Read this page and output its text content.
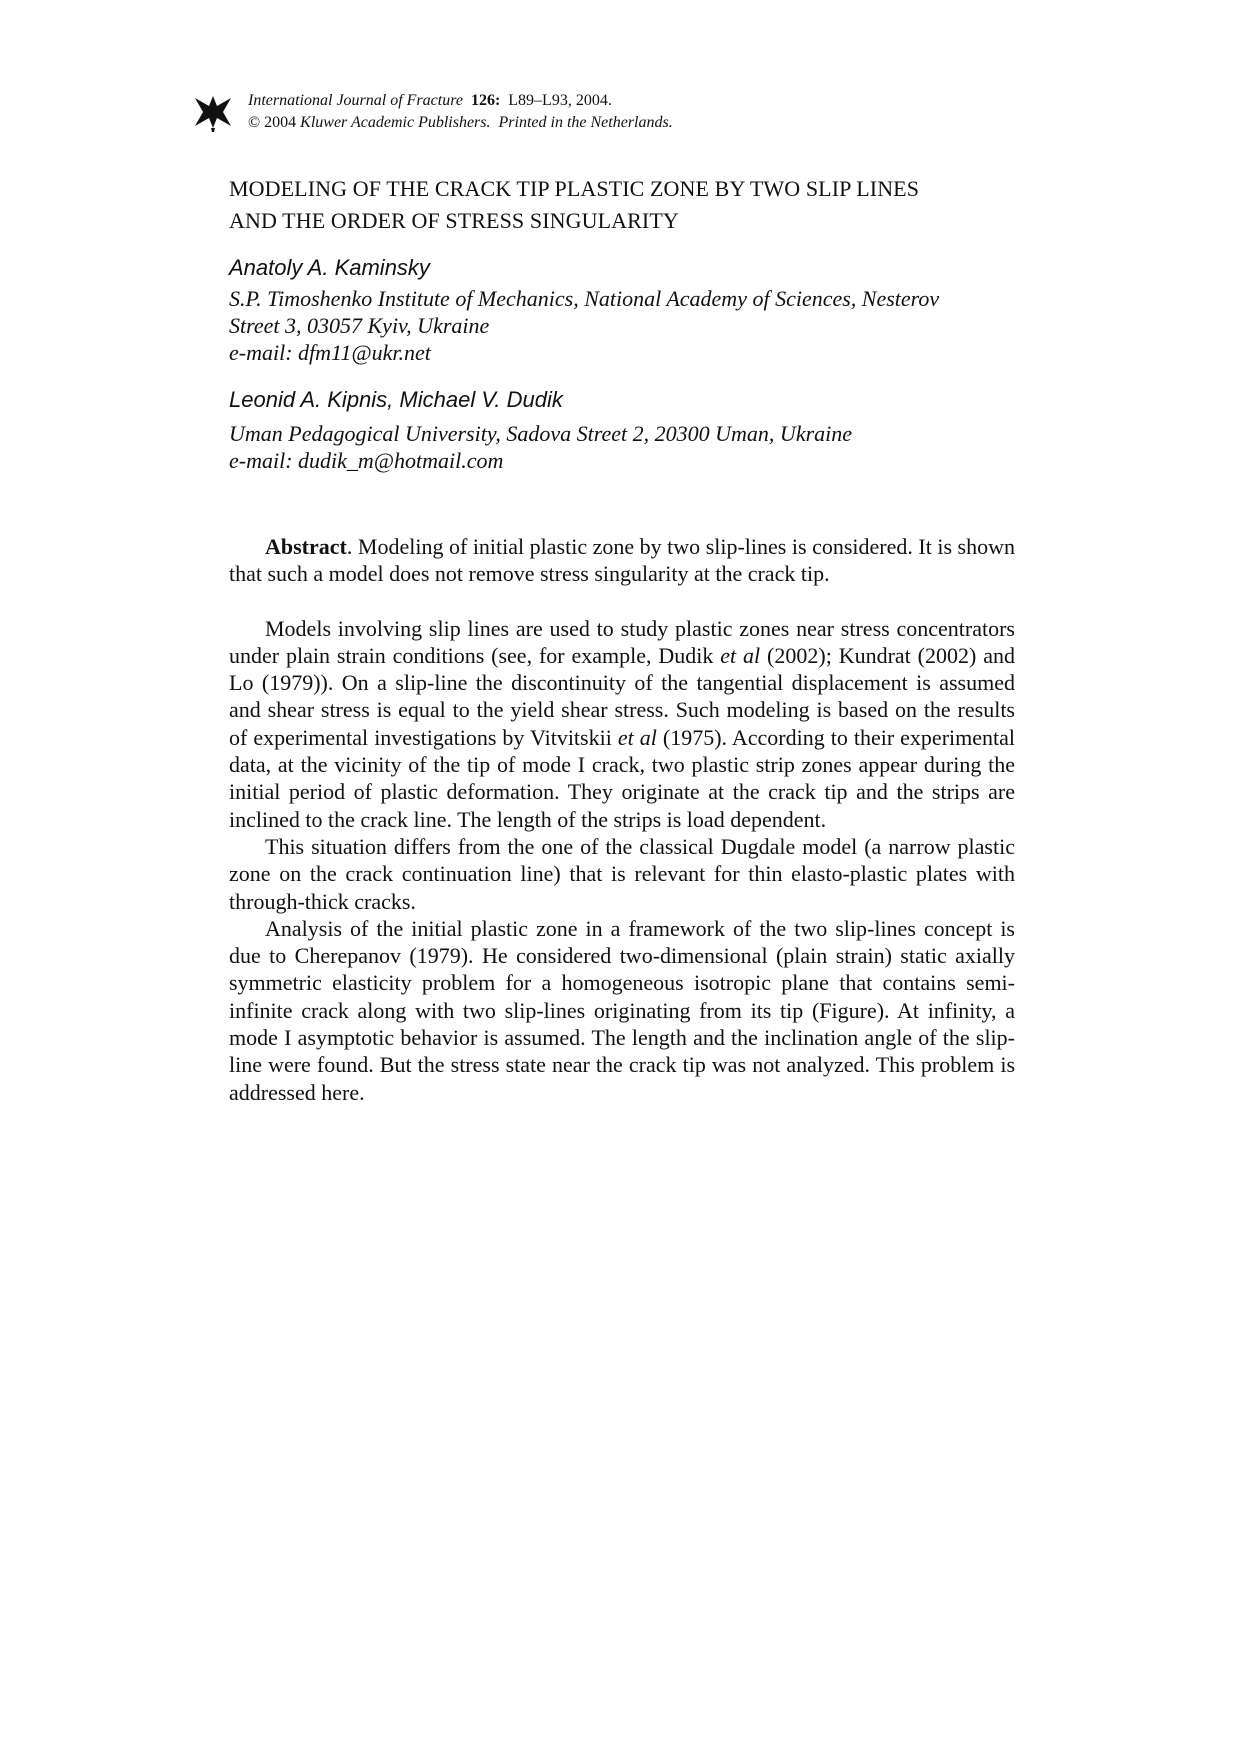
International Journal of Fracture 126: L89–L93, 2004.
© 2004 Kluwer Academic Publishers. Printed in the Netherlands.
MODELING OF THE CRACK TIP PLASTIC ZONE BY TWO SLIP LINES
AND THE ORDER OF STRESS SINGULARITY
Anatoly A. Kaminsky
S.P. Timoshenko Institute of Mechanics, National Academy of Sciences, Nesterov
Street 3, 03057 Kyiv, Ukraine
e-mail: dfm11@ukr.net
Leonid A. Kipnis, Michael V. Dudik
Uman Pedagogical University, Sadova Street 2, 20300 Uman, Ukraine
e-mail: dudik_m@hotmail.com

Abstract. Modeling of initial plastic zone by two slip-lines is considered. It is shown that such a model does not remove stress singularity at the crack tip.

Models involving slip lines are used to study plastic zones near stress concentrators under plain strain conditions (see, for example, Dudik et al (2002); Kundrat (2002) and Lo (1979)). On a slip-line the discontinuity of the tangential displacement is assumed and shear stress is equal to the yield shear stress. Such modeling is based on the results of experimental investigations by Vitvitskii et al (1975). According to their experimental data, at the vicinity of the tip of mode I crack, two plastic strip zones appear during the initial period of plastic deformation. They originate at the crack tip and the strips are inclined to the crack line. The length of the strips is load dependent.

This situation differs from the one of the classical Dugdale model (a narrow plastic zone on the crack continuation line) that is relevant for thin elasto-plastic plates with through-thick cracks.

Analysis of the initial plastic zone in a framework of the two slip-lines concept is due to Cherepanov (1979). He considered two-dimensional (plain strain) static axially symmetric elasticity problem for a homogeneous isotropic plane that contains semi-infinite crack along with two slip-lines originating from its tip (Figure). At infinity, a mode I asymptotic behavior is assumed. The length and the inclination angle of the slip-line were found. But the stress state near the crack tip was not analyzed. This problem is addressed here.
